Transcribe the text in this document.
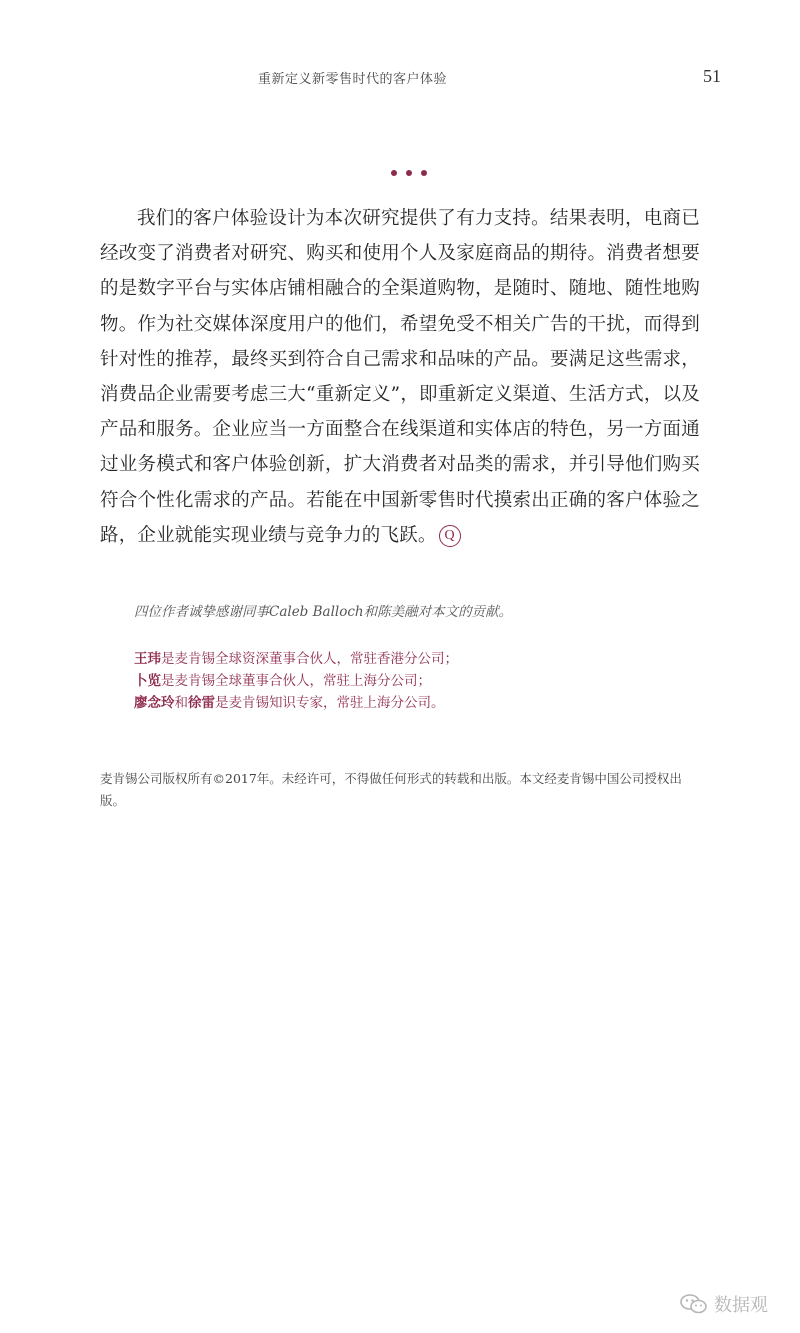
重新定义新零售时代的客户体验	51
我们的客户体验设计为本次研究提供了有力支持。结果表明，电商已经改变了消费者对研究、购买和使用个人及家庭商品的期待。消费者想要的是数字平台与实体店铺相融合的全渠道购物，是随时、随地、随性地购物。作为社交媒体深度用户的他们，希望免受不相关广告的干扰，而得到针对性的推荐，最终买到符合自己需求和品味的产品。要满足这些需求，消费品企业需要考虑三大“重新定义”，即重新定义渠道、生活方式，以及产品和服务。企业应当一方面整合在线渠道和实体店的特色，另一方面通过业务模式和客户体验创新，扩大消费者对品类的需求，并引导他们购买符合个性化需求的产品。若能在中国新零售时代摸索出正确的客户体验之路，企业就能实现业绩与竞争力的飞跃。 Q
四位作者诚挚感谢同事Caleb Balloch和陈美融对本文的贡献。
王玮是麦肯锡全球资深董事合伙人，常驻香港分公司；
卜览是麦肯锡全球董事合伙人，常驻上海分公司；
廖念玲和徐雷是麦肯锡知识专家，常驻上海分公司。
麦肯锡公司版权所有©2017年。未经许可，不得做任何形式的转载和出版。本文经麦肯锡中国公司授权出版。
数据观
